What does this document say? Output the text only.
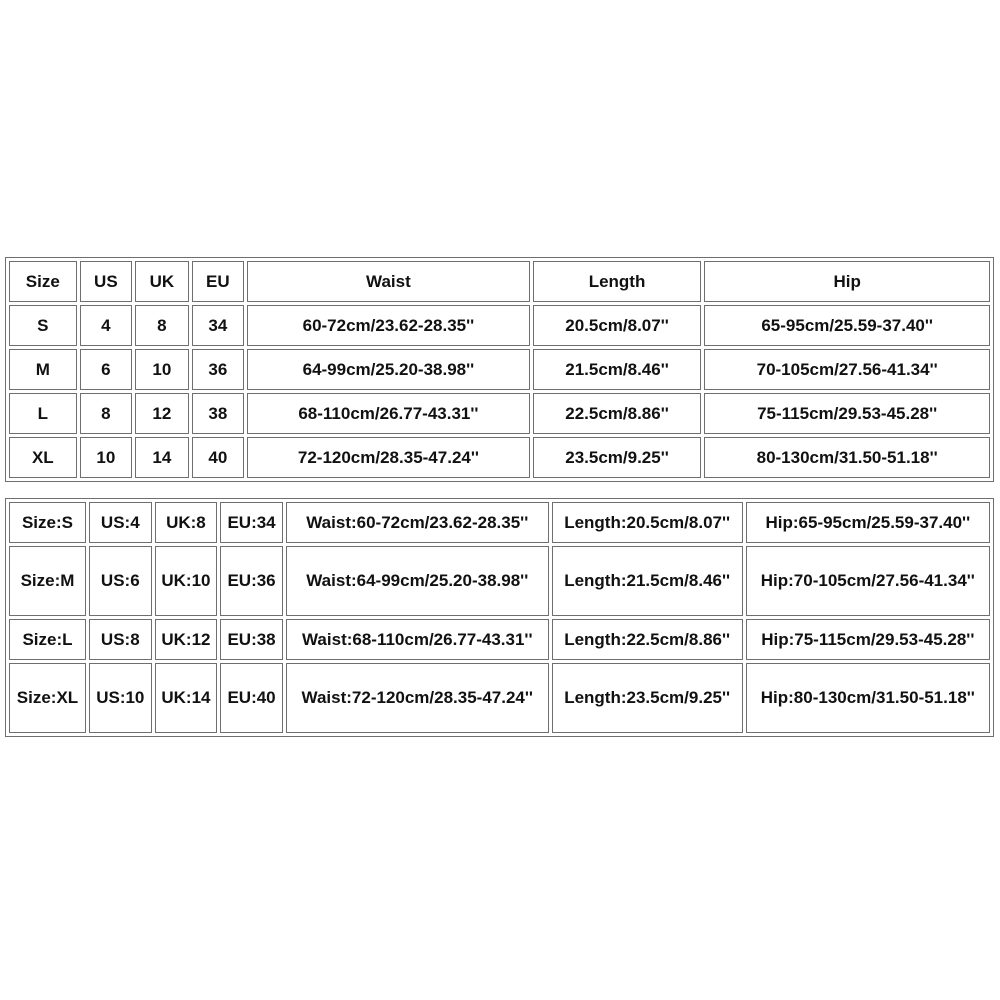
Size	US	UK	EU	Waist	Length	Hip
S	4	8	34	60-72cm/23.62-28.35''	20.5cm/8.07''	65-95cm/25.59-37.40''
M	6	10	36	64-99cm/25.20-38.98''	21.5cm/8.46''	70-105cm/27.56-41.34''
L	8	12	38	68-110cm/26.77-43.31''	22.5cm/8.86''	75-115cm/29.53-45.28''
XL	10	14	40	72-120cm/28.35-47.24''	23.5cm/9.25''	80-130cm/31.50-51.18''
Size:S	US:4	UK:8	EU:34	Waist:60-72cm/23.62-28.35''	Length:20.5cm/8.07''	Hip:65-95cm/25.59-37.40''
Size:M	US:6	UK:10	EU:36	Waist:64-99cm/25.20-38.98''	Length:21.5cm/8.46''	Hip:70-105cm/27.56-41.34''
Size:L	US:8	UK:12	EU:38	Waist:68-110cm/26.77-43.31''	Length:22.5cm/8.86''	Hip:75-115cm/29.53-45.28''
Size:XL	US:10	UK:14	EU:40	Waist:72-120cm/28.35-47.24''	Length:23.5cm/9.25''	Hip:80-130cm/31.50-51.18''
